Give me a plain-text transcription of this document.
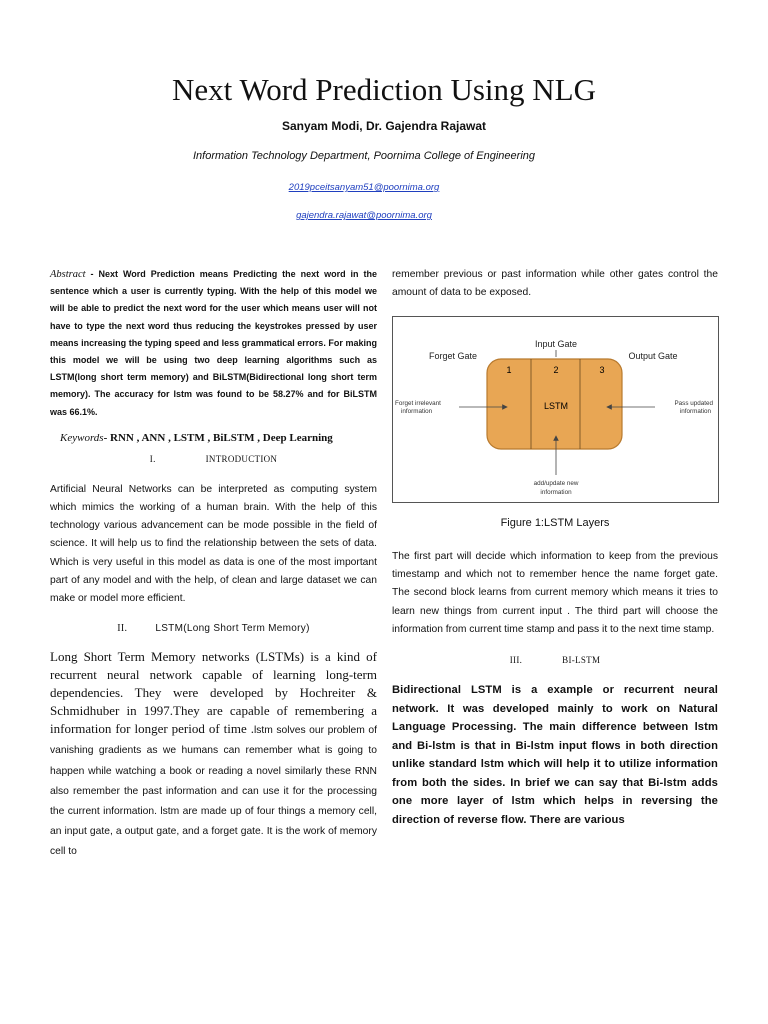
Next Word Prediction Using NLG
Sanyam Modi, Dr. Gajendra Rajawat
Information Technology Department, Poornima College of Engineering
2019pceitsanyam51@poornima.org
gajendra.rajawat@poornima.org

Abstract - Next Word Prediction means Predicting the next word in the sentence which a user is currently typing. With the help of this model we will be able to predict the next word for the user which means user will not have to type the next word thus reducing the keystrokes pressed by user means increasing the typing speed and less grammatical errors. For making this model we will be using two deep learning algorithms such as LSTM(long short term memory) and BiLSTM(Bidirectional long short term memory). The accuracy for lstm was found to be 58.27% and for BiLSTM was 66.1%.

Keywords- RNN , ANN , LSTM , BiLSTM , Deep Learning
I.	INTRODUCTION

Artificial Neural Networks can be interpreted as computing system which mimics the working of a human brain. With the help of this technology various advancement can be mode possible in the field of science. It will help us to find the relationship between the sets of data. Which is very useful in this model as data is one of the most important part of any model and with the help, of clean and large dataset we can make or model more efficient.

II.	LSTM(Long Short Term Memory)

Long Short Term Memory networks (LSTMs) is a kind of recurrent neural network capable of learning long-term dependencies. They were developed by Hochreiter & Schmidhuber in 1997.They are capable of remembering a information for longer period of time .lstm solves our problem of vanishing gradients as we humans can remember what is going to happen while watching a book or reading a novel similarly these RNN also remember the past information and can use it for the processing the current information. lstm are made up of four things a memory cell, an input gate, a output gate, and a forget gate. It is the work of memory cell to

remember previous or past information while other gates control the amount of data to be exposed.

1	2	3
LSTM
Input Gate
Forget Gate	Output Gate
Forget irrelevant
information
Pass updated
information
add/update new
information
Figure 1:LSTM Layers

The first part will decide which information to keep from the previous timestamp and which not to remember hence the name forget gate. The second block learns from current memory which means it tries to learn new things from current input . The third part will choose the information from current time stamp and pass it to the next time stamp.

III.	BI-LSTM

Bidirectional LSTM is a example or recurrent neural network. It was developed mainly to work on Natural Language Processing. The main difference between lstm and Bi-lstm is that in Bi-lstm input flows in both direction unlike standard lstm which will help it to utilize information from both the sides. In brief we can say that Bi-lstm adds one more layer of lstm which helps in reversing the direction of reverse flow. There are various
